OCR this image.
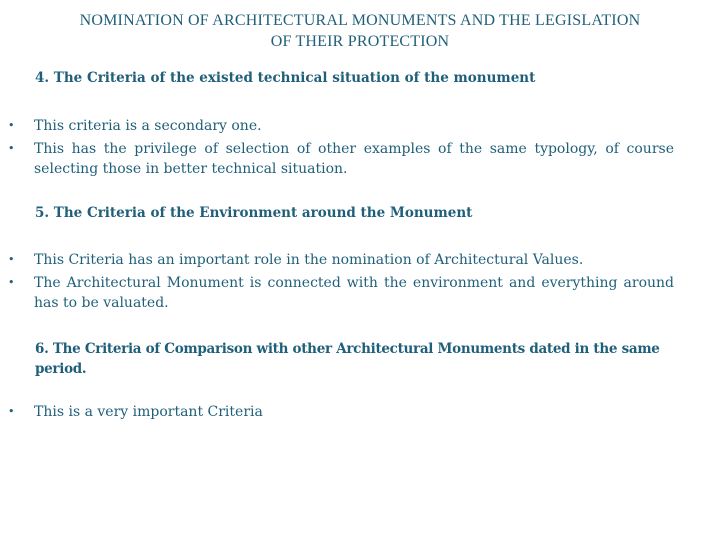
NOMINATION OF ARCHITECTURAL MONUMENTS AND THE LEGISLATION
OF THEIR PROTECTION
4. The Criteria of the existed technical situation of the monument
•	This criteria is a secondary one.
•	This has the privilege of selection of other examples of the same typology, of course selecting those in better technical situation.
5. The Criteria of the Environment around the Monument
•	This Criteria has an important role in the nomination of Architectural Values.
•	The Architectural Monument is connected with the environment and everything around has to be valuated.
6. The Criteria of Comparison with other Architectural Monuments dated in the same period.
•	This is a very important Criteria
